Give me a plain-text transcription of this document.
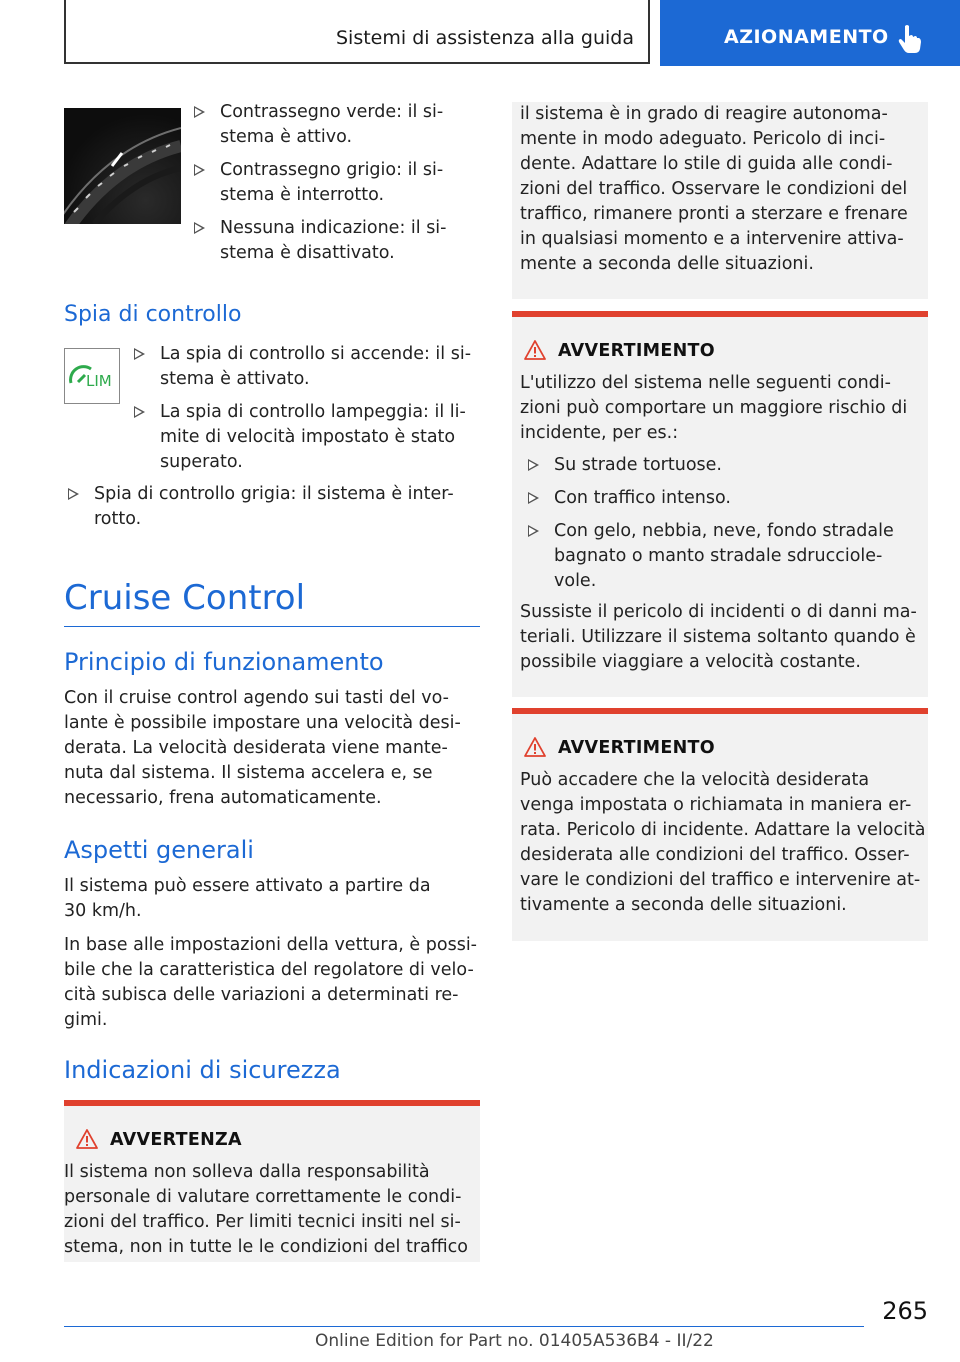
Sistemi di assistenza alla guida	AZIONAMENTO
Contrassegno verde: il si-stema è attivo.
Contrassegno grigio: il si-stema è interrotto.
Nessuna indicazione: il si-stema è disattivato.
Spia di controllo
LIM
La spia di controllo si accende: il si-stema è attivato.
La spia di controllo lampeggia: il li-mite di velocità impostato è stato superato.
Spia di controllo grigia: il sistema è inter-rotto.
Cruise Control
Principio di funzionamento

Con il cruise control agendo sui tasti del vo-lante è possibile impostare una velocità desi-derata. La velocità desiderata viene mante-nuta dal sistema. Il sistema accelera e, se necessario, frena automaticamente.

Aspetti generali

Il sistema può essere attivato a partire da 30 km/h.

In base alle impostazioni della vettura, è possi-bile che la caratteristica del regolatore di velo-cità subisca delle variazioni a determinati re-gimi.

Indicazioni di sicurezza
AVVERTENZA

Il sistema non solleva dalla responsabilità personale di valutare correttamente le condi-zioni del traffico. Per limiti tecnici insiti nel si-stema, non in tutte le le condizioni del traffico

il sistema è in grado di reagire autonoma-mente in modo adeguato. Pericolo di inci-dente. Adattare lo stile di guida alle condi-zioni del traffico. Osservare le condizioni del traffico, rimanere pronti a sterzare e frenare in qualsiasi momento e a intervenire attiva-mente a seconda delle situazioni.

AVVERTIMENTO

L'utilizzo del sistema nelle seguenti condi-zioni può comportare un maggiore rischio di incidente, per es.:

Su strade tortuose.
Con traffico intenso.
Con gelo, nebbia, neve, fondo stradale bagnato o manto stradale sdrucciole-vole.

Sussiste il pericolo di incidenti o di danni ma-teriali. Utilizzare il sistema soltanto quando è possibile viaggiare a velocità costante.

AVVERTIMENTO

Può accadere che la velocità desiderata venga impostata o richiamata in maniera er-rata. Pericolo di incidente. Adattare la velocità desiderata alle condizioni del traffico. Osser-vare le condizioni del traffico e intervenire at-tivamente a seconda delle situazioni.

265
Online Edition for Part no. 01405A536B4 - II/22
